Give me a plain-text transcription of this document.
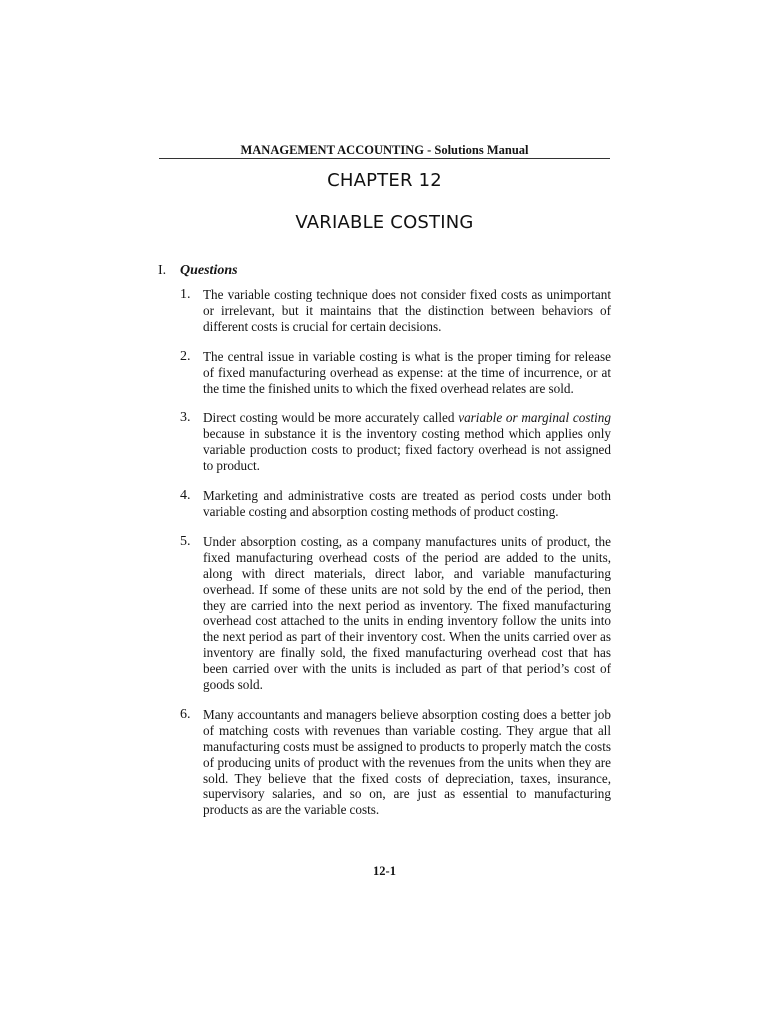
MANAGEMENT ACCOUNTING - Solutions Manual
CHAPTER 12
VARIABLE COSTING
I. Questions
1. The variable costing technique does not consider fixed costs as unimportant or irrelevant, but it maintains that the distinction between behaviors of different costs is crucial for certain decisions.
2. The central issue in variable costing is what is the proper timing for release of fixed manufacturing overhead as expense: at the time of incurrence, or at the time the finished units to which the fixed overhead relates are sold.
3. Direct costing would be more accurately called variable or marginal costing because in substance it is the inventory costing method which applies only variable production costs to product; fixed factory overhead is not assigned to product.
4. Marketing and administrative costs are treated as period costs under both variable costing and absorption costing methods of product costing.
5. Under absorption costing, as a company manufactures units of product, the fixed manufacturing overhead costs of the period are added to the units, along with direct materials, direct labor, and variable manufacturing overhead. If some of these units are not sold by the end of the period, then they are carried into the next period as inventory. The fixed manufacturing overhead cost attached to the units in ending inventory follow the units into the next period as part of their inventory cost. When the units carried over as inventory are finally sold, the fixed manufacturing overhead cost that has been carried over with the units is included as part of that period’s cost of goods sold.
6. Many accountants and managers believe absorption costing does a better job of matching costs with revenues than variable costing. They argue that all manufacturing costs must be assigned to products to properly match the costs of producing units of product with the revenues from the units when they are sold. They believe that the fixed costs of depreciation, taxes, insurance, supervisory salaries, and so on, are just as essential to manufacturing products as are the variable costs.
12-1
